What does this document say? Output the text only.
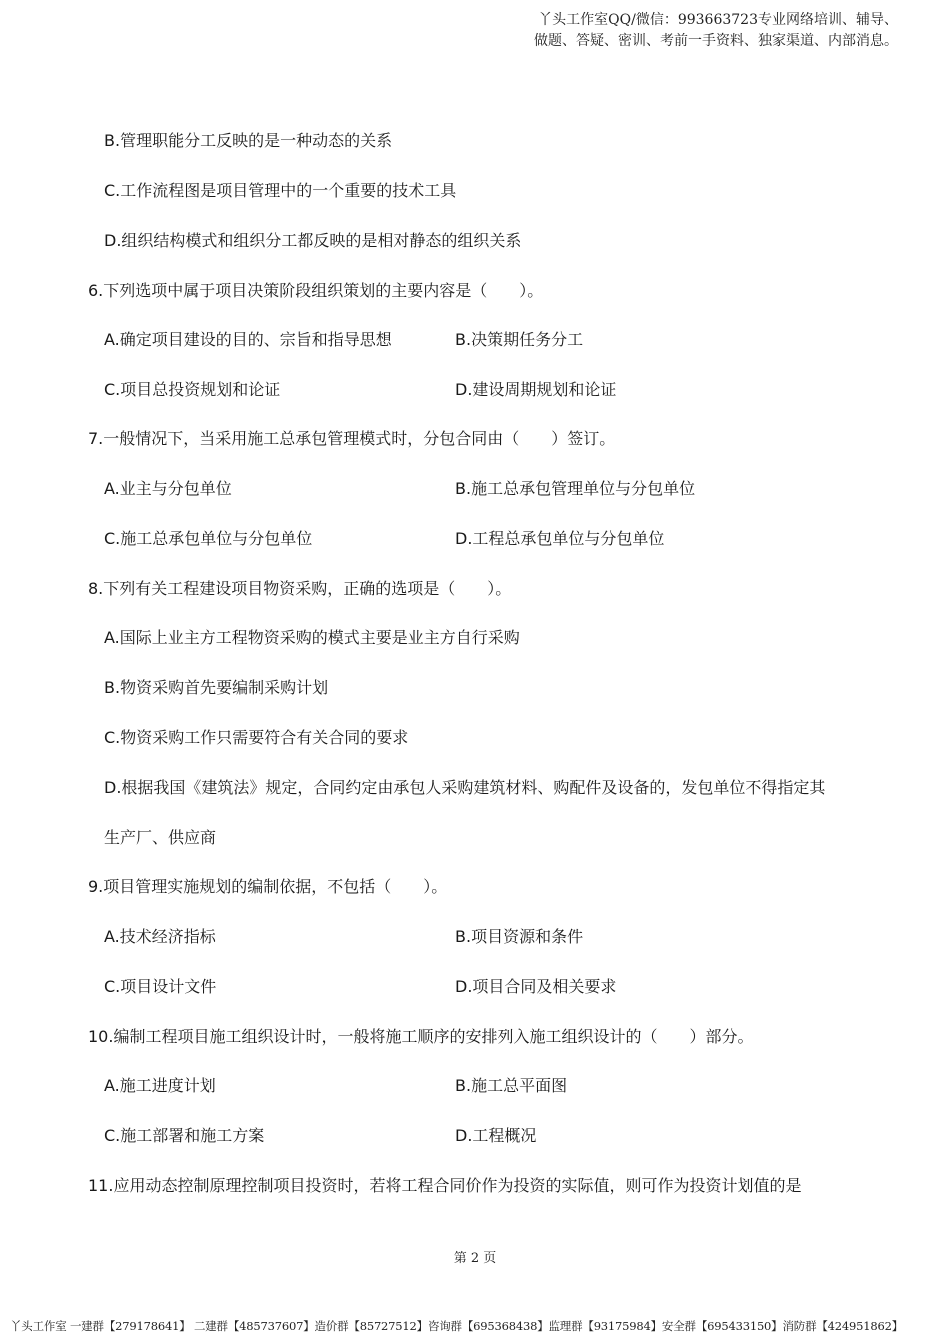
丫头工作室QQ/微信：993663723专业网络培训、辅导、
做题、答疑、密训、考前一手资料、独家渠道、内部消息。
B.管理职能分工反映的是一种动态的关系
C.工作流程图是项目管理中的一个重要的技术工具
D.组织结构模式和组织分工都反映的是相对静态的组织关系
6.下列选项中属于项目决策阶段组织策划的主要内容是（　　）。
A.确定项目建设的目的、宗旨和指导思想	B.决策期任务分工
C.项目总投资规划和论证	D.建设周期规划和论证
7.一般情况下，当采用施工总承包管理模式时，分包合同由（　　）签订。
A.业主与分包单位	B.施工总承包管理单位与分包单位
C.施工总承包单位与分包单位	D.工程总承包单位与分包单位
8.下列有关工程建设项目物资采购，正确的选项是（　　）。
A.国际上业主方工程物资采购的模式主要是业主方自行采购
B.物资采购首先要编制采购计划
C.物资采购工作只需要符合有关合同的要求
D.根据我国《建筑法》规定，合同约定由承包人采购建筑材料、购配件及设备的，发包单位不得指定其
生产厂、供应商
9.项目管理实施规划的编制依据，不包括（　　）。
A.技术经济指标	B.项目资源和条件
C.项目设计文件	D.项目合同及相关要求
10.编制工程项目施工组织设计时，一般将施工顺序的安排列入施工组织设计的（　　）部分。
A.施工进度计划	B.施工总平面图
C.施工部署和施工方案	D.工程概况
11.应用动态控制原理控制项目投资时，若将工程合同价作为投资的实际值，则可作为投资计划值的是
第 2 页
丫头工作室 一建群【279178641】 二建群【485737607】造价群【85727512】咨询群【695368438】监理群【93175984】安全群【695433150】消防群【424951862】
